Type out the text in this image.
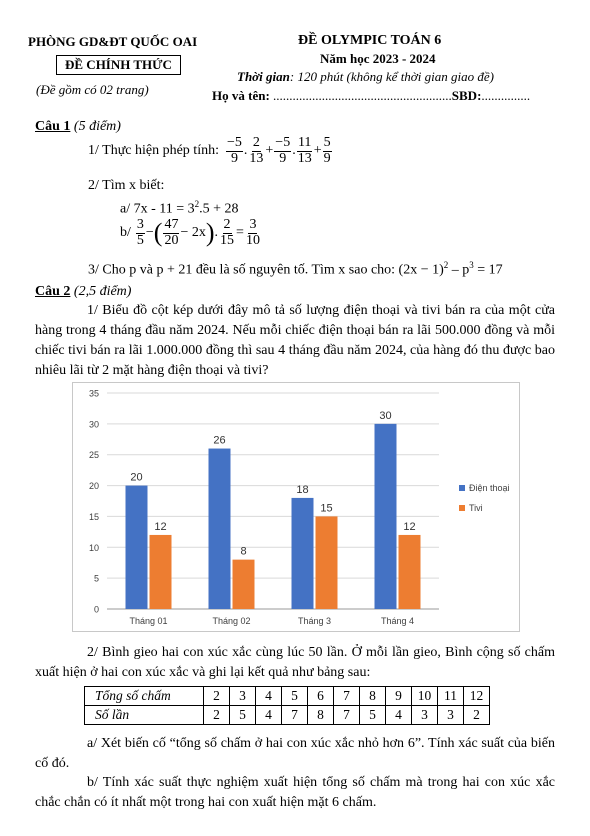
PHÒNG GD&ĐT QUỐC OAI
ĐỀ CHÍNH THỨC
(Đề gồm có 02 trang)
ĐỀ OLYMPIC TOÁN 6
Năm học 2023 - 2024
Thời gian: 120 phút (không kể thời gian giao đề)
Họ và tên: .......................................................SBD:...............
Câu 1 (5 điểm)
1/ Thực hiện phép tính: $\frac{-5}{9}$ . $\frac{2}{13} + \frac{-5}{9}$ . $\frac{11}{13} + \frac{5}{9}$
2/ Tìm x biết:
a/ $7x - 11 = 3^2.5 + 28$
$b/ \frac{3}{5}$ − ( $\frac{47}{20} - 2x$ ) . $\frac{2}{15} = \frac{3}{10}$
3/ Cho p và p + 21 đều là số nguyên tố. Tìm x sao cho: $(2x - 1)^2 - p^3 = 17$
Câu 2 (2,5 điểm)
1/ Biểu đồ cột kép dưới đây mô tả số lượng điện thoại và tivi bán ra của một cửa hàng trong 4 tháng đầu năm 2024. Nếu mỗi chiếc điện thoại bán ra lãi 500.000 đồng và mỗi chiếc tivi bán ra lãi 1.000.000 đồng thì sau 4 tháng đầu năm 2024, của hàng đó thu được bao nhiêu lãi từ 2 mặt hàng điện thoại và tivi?
0
5
10
15
20
25
30
35
20
12
Tháng 01
26
8
Tháng 02
18
15
Tháng 3
30
12
Tháng 4
Điện thoại
Tivi
2/ Bình gieo hai con xúc xắc cùng lúc 50 lần. Ở mỗi lần gieo, Bình cộng số chấm xuất hiện ở hai con xúc xắc và ghi lại kết quả như bảng sau:
Tổng số chấm	2	3	4	5	6	7	8	9	10	11	12
Số lần	2	5	4	7	8	7	5	4	3	3	2
a/ Xét biến cố “tổng số chấm ở hai con xúc xắc nhỏ hơn 6”. Tính xác suất của biến cố đó.
b/ Tính xác suất thực nghiệm xuất hiện tổng số chấm mà trong hai con xúc xắc chắc chắn có ít nhất một trong hai con xuất hiện mặt 6 chấm.
